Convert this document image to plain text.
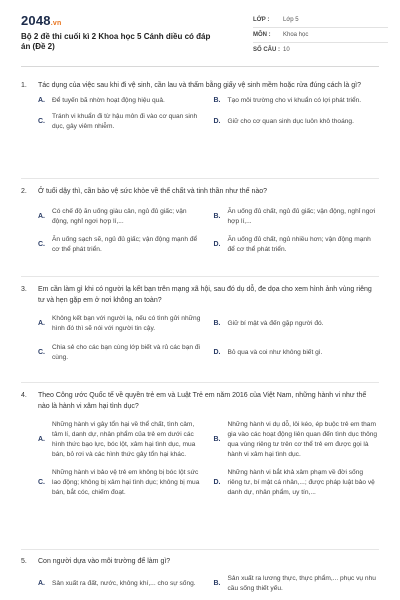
2048.vn
Bộ 2 đề thi cuối kì 2 Khoa học 5 Cánh diều có đáp án (Đề 2)
LỚP :	Lớp 5
MÔN :	Khoa học
SỐ CÂU : 10
1.	Tác dụng của việc sau khi đi vệ sinh, cần lau và thấm bằng giấy vệ sinh mềm hoặc rửa đúng cách là gì?
A.	Để tuyến bã nhờn hoạt động hiệu quả.	B.	Tạo môi trường cho vi khuẩn có lợi phát triển.
C.
Tránh vi khuẩn đi từ hậu môn đi vào cơ quan sinh dục, gây viêm nhiễm.
D.	Giữ cho cơ quan sinh dục luôn khô thoáng.
2.	Ở tuổi dậy thì, cần bảo vệ sức khỏe về thể chất và tinh thần như thế nào?
A.
Có chế độ ăn uống giàu cân, ngủ đủ giấc; vận động, nghỉ ngơi hợp lí,...
B.
Ăn uống đủ chất, ngủ đủ giấc; vận động, nghỉ ngơi hợp lí,...
C.
Ăn uống sạch sẽ, ngủ đủ giấc; vận động mạnh để cơ thể phát triển.
D.
Ăn uống đủ chất, ngủ nhiều hơn; vận động mạnh để cơ thể phát triển.
3.	Em cần làm gì khi có người lạ kết bạn trên mạng xã hội, sau đó dụ dỗ, đe dọa cho xem hình ảnh vùng riêng tư và hẹn gặp em ở nơi không an toàn?
A.
Không kết bạn với người lạ, nếu có tình gửi những hình đó thì sẽ nói với người tin cậy.
B.	Giữ bí mật và đến gặp người đó.
C.
Chia sẻ cho các bạn cùng lớp biết và rủ các bạn đi cùng.
D.	Bỏ qua và coi như không biết gì.
4.	Theo Công ước Quốc tế về quyền trẻ em và Luật Trẻ em năm 2016 của Việt Nam, những hành vi như thế nào là hành vi xâm hại tình dục?
A.
Những hành vi gây tổn hại về thể chất, tình cảm, tâm lí, danh dự, nhân phẩm của trẻ em dưới các hình thức bạo lực, bóc lột, xâm hại tình dục, mua bán, bỏ rơi và các hình thức gây tổn hại khác.
B.
Những hành vi dụ dỗ, lôi kéo, ép buộc trẻ em tham gia vào các hoạt động liên quan đến tình dục thông qua vùng riêng tư trên cơ thể trẻ em được gọi là hành vi xâm hại tình dục.
C.
Những hành vi bảo vệ trẻ em không bị bóc lột sức lao động; không bị xâm hại tình dục; không bị mua bán, bắt cóc, chiếm đoạt.
D.
Những hành vi bắt khả xâm phạm về đời sống riêng tư, bí mật cá nhân,...; được pháp luật bảo vệ danh dự, nhân phẩm, uy tín,...
5.	Con người dựa vào môi trường để làm gì?
A.	Sản xuất ra đất, nước, không khí,... cho sự sống.	B.
Sản xuất ra lương thực, thực phẩm,... phục vụ nhu cầu sống thiết yếu.
